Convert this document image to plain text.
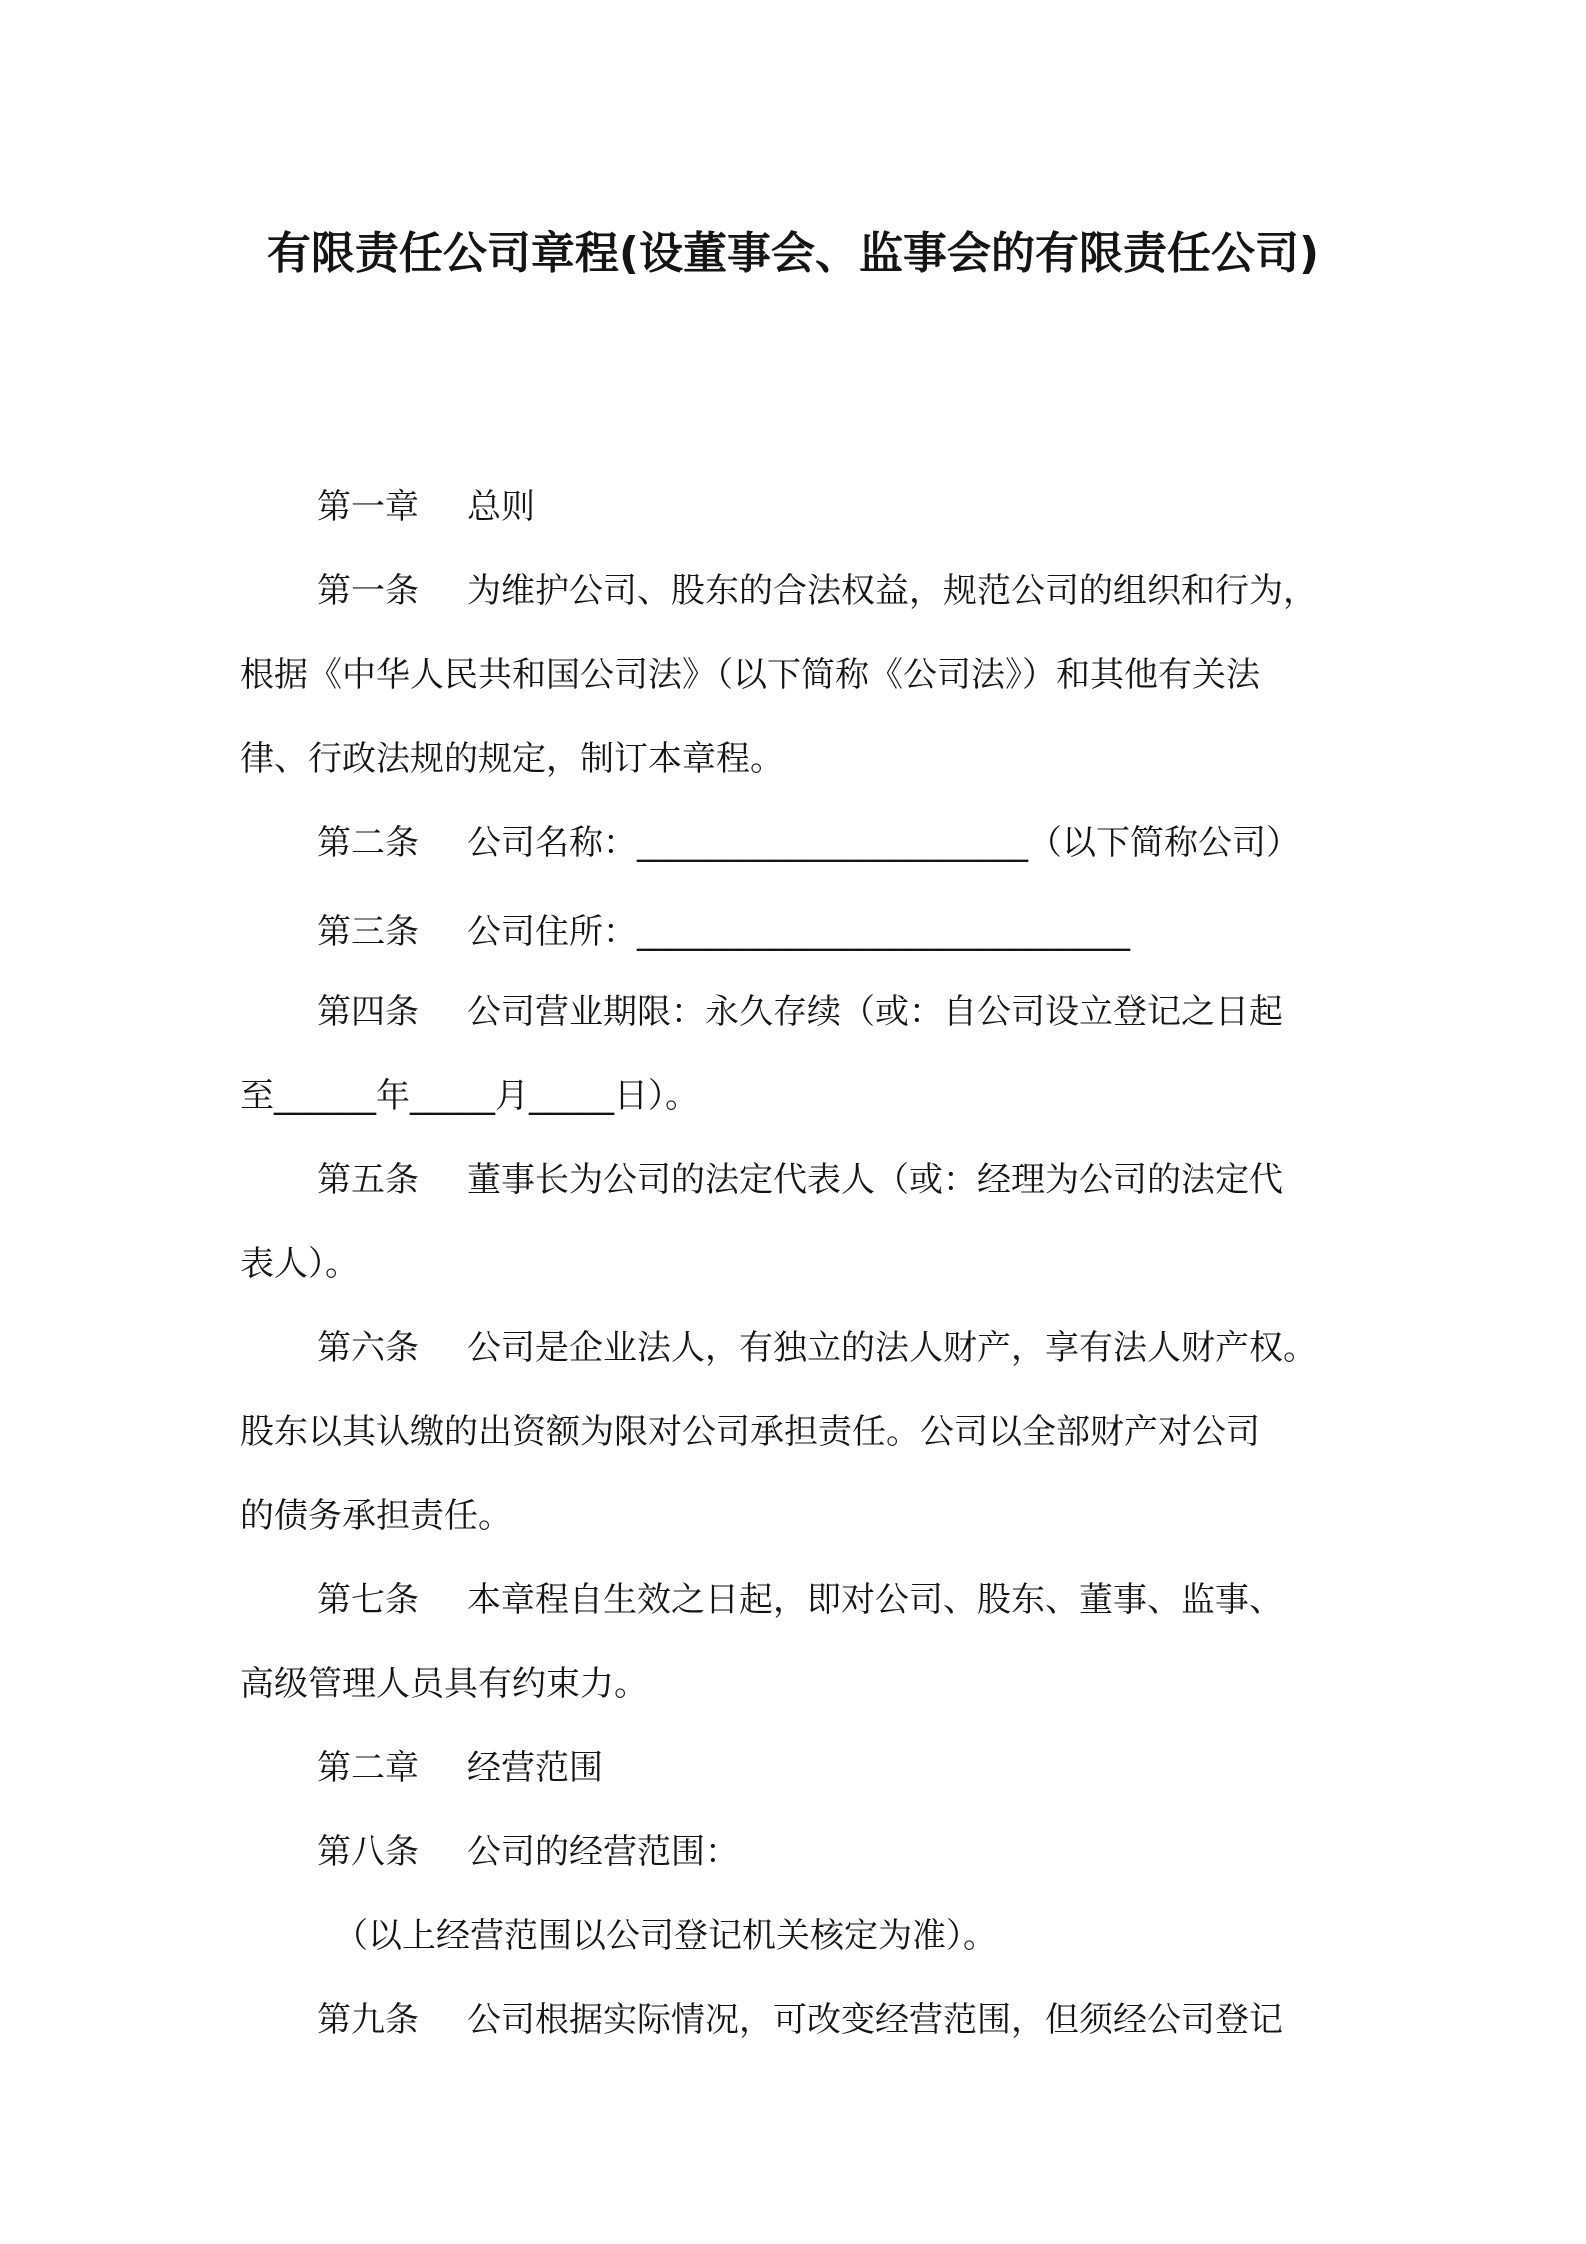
有限责任公司章程(设董事会、监事会的有限责任公司)
第一章 总则
第一条 为维护公司、股东的合法权益，规范公司的组织和行为，
根据《中华人民共和国公司法》（以下简称《公司法》）和其他有关法
律、行政法规的规定，制订本章程。
第二条 公司名称：_______________________（以下简称公司）
第三条 公司住所：_____________________________
第四条 公司营业期限：永久存续（或：自公司设立登记之日起
至______年_____月_____日）。
第五条 董事长为公司的法定代表人（或：经理为公司的法定代
表人）。
第六条 公司是企业法人，有独立的法人财产，享有法人财产权。
股东以其认缴的出资额为限对公司承担责任。公司以全部财产对公司
的债务承担责任。
第七条 本章程自生效之日起，即对公司、股东、董事、监事、
高级管理人员具有约束力。
第二章 经营范围
第八条 公司的经营范围：
（以上经营范围以公司登记机关核定为准）。
第九条 公司根据实际情况，可改变经营范围，但须经公司登记
